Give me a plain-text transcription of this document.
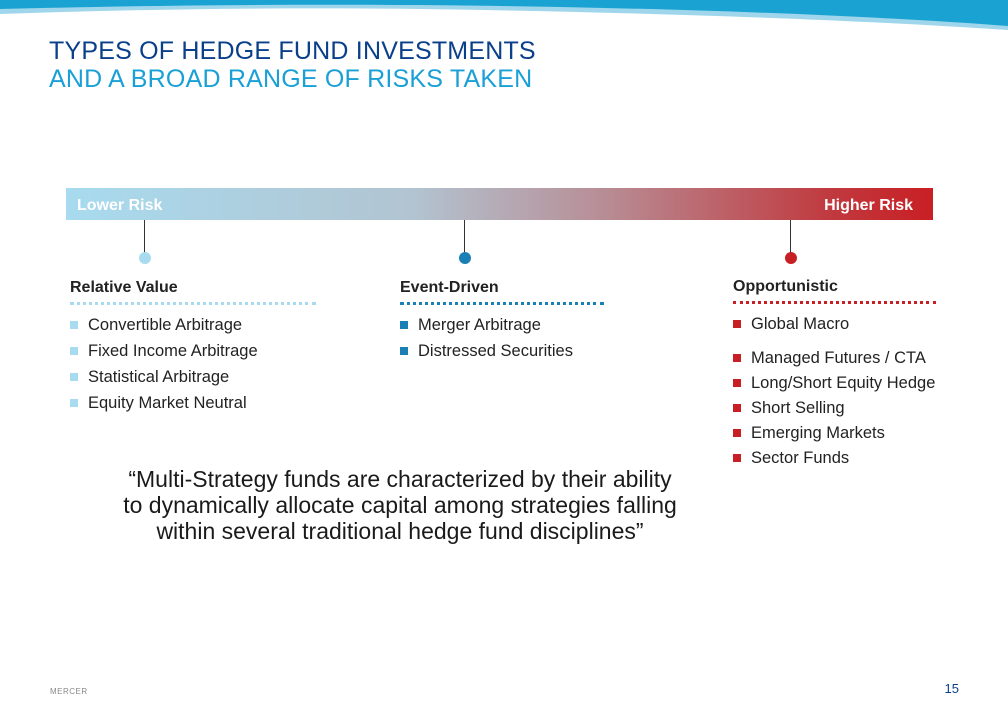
TYPES OF HEDGE FUND INVESTMENTS
AND A BROAD RANGE OF RISKS TAKEN
Lower Risk	Higher Risk
Relative Value
Convertible Arbitrage
Fixed Income Arbitrage
Statistical Arbitrage
Equity Market Neutral
Event-Driven
Merger Arbitrage
Distressed Securities
Opportunistic
Global Macro
Managed Futures / CTA
Long/Short Equity Hedge
Short Selling
Emerging Markets
Sector Funds
“Multi-Strategy funds are characterized by their ability to dynamically allocate capital among strategies falling within several traditional hedge fund disciplines”
MERCER	15
